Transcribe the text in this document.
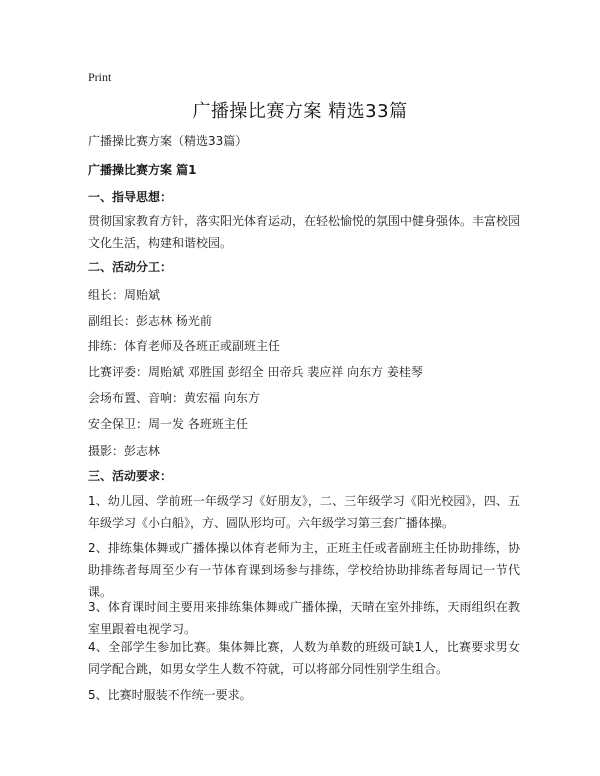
Print
广播操比赛方案 精选33篇
广播操比赛方案（精选33篇）
广播操比赛方案 篇1
一、指导思想：
贯彻国家教育方针，落实阳光体育运动，在轻松愉悦的氛围中健身强体。丰富校园文化生活，构建和谐校园。
二、活动分工：
组长：周贻斌
副组长：彭志林 杨光前
排练：体育老师及各班正或副班主任
比赛评委：周贻斌 邓胜国 彭绍全 田帝兵 裴应祥 向东方 姜桂琴
会场布置、音响：黄宏福 向东方
安全保卫：周一发 各班班主任
摄影：彭志林
三、活动要求：
1、幼儿园、学前班一年级学习《好朋友》，二、三年级学习《阳光校园》，四、五年级学习《小白船》，方、圆队形均可。六年级学习第三套广播体操。
2、排练集体舞或广播体操以体育老师为主，正班主任或者副班主任协助排练，协助排练者每周至少有一节体育课到场参与排练，学校给协助排练者每周记一节代课。
3、体育课时间主要用来排练集体舞或广播体操，天晴在室外排练，天雨组织在教室里跟着电视学习。
4、全部学生参加比赛。集体舞比赛，人数为单数的班级可缺1人，比赛要求男女同学配合跳，如男女学生人数不符就，可以将部分同性别学生组合。
5、比赛时服装不作统一要求。
